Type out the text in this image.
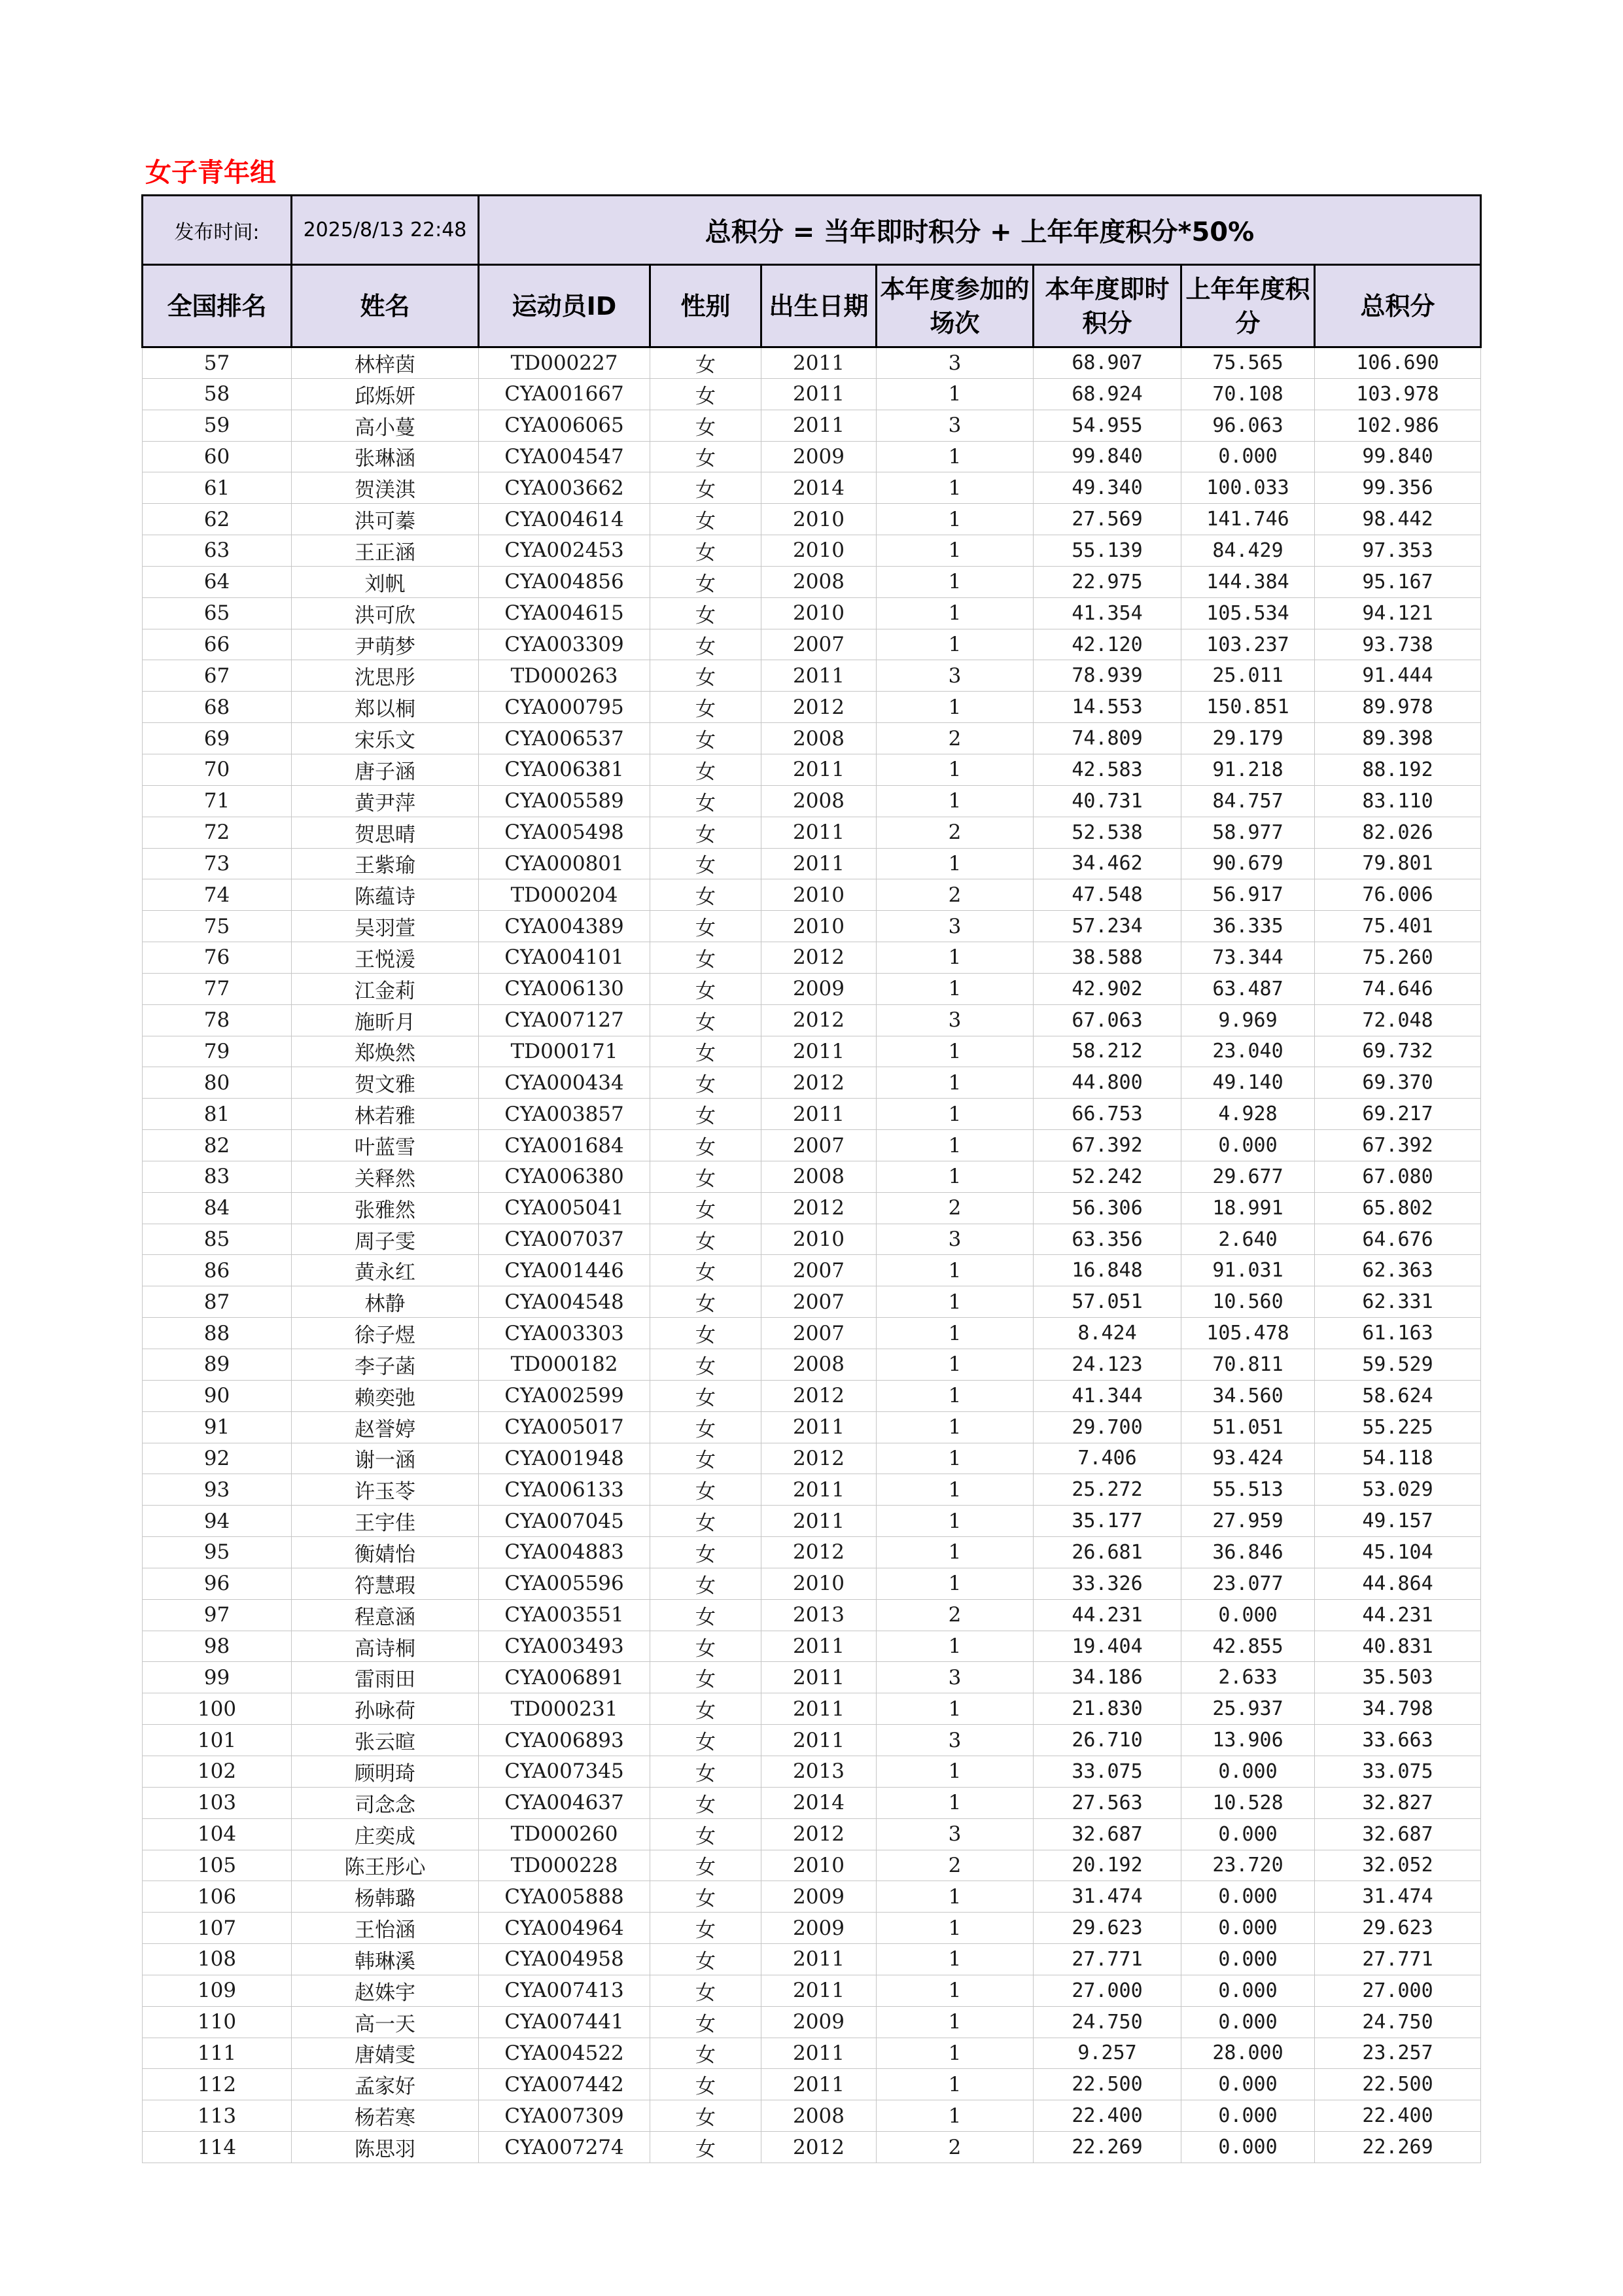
女子青年组
发布时间:	2025/8/13 22:48	总积分 = 当年即时积分 + 上年年度积分*50%						
全国排名	姓名	运动员ID	性别	出生日期	本年度参加的场次	本年度即时积分	上年年度积分	总积分
57	林梓茵	TD000227	女	2011	3	68.907	75.565	106.690
58	邱烁妍	CYA001667	女	2011	1	68.924	70.108	103.978
59	高小蔓	CYA006065	女	2011	3	54.955	96.063	102.986
60	张琳涵	CYA004547	女	2009	1	99.840	0.000	99.840
61	贺渼淇	CYA003662	女	2014	1	49.340	100.033	99.356
62	洪可蓁	CYA004614	女	2010	1	27.569	141.746	98.442
63	王正涵	CYA002453	女	2010	1	55.139	84.429	97.353
64	刘帆	CYA004856	女	2008	1	22.975	144.384	95.167
65	洪可欣	CYA004615	女	2010	1	41.354	105.534	94.121
66	尹萌梦	CYA003309	女	2007	1	42.120	103.237	93.738
67	沈思彤	TD000263	女	2011	3	78.939	25.011	91.444
68	郑以桐	CYA000795	女	2012	1	14.553	150.851	89.978
69	宋乐文	CYA006537	女	2008	2	74.809	29.179	89.398
70	唐子涵	CYA006381	女	2011	1	42.583	91.218	88.192
71	黄尹萍	CYA005589	女	2008	1	40.731	84.757	83.110
72	贺思晴	CYA005498	女	2011	2	52.538	58.977	82.026
73	王紫瑜	CYA000801	女	2011	1	34.462	90.679	79.801
74	陈蕴诗	TD000204	女	2010	2	47.548	56.917	76.006
75	吴羽萱	CYA004389	女	2010	3	57.234	36.335	75.401
76	王悦湲	CYA004101	女	2012	1	38.588	73.344	75.260
77	江金莉	CYA006130	女	2009	1	42.902	63.487	74.646
78	施昕月	CYA007127	女	2012	3	67.063	9.969	72.048
79	郑焕然	TD000171	女	2011	1	58.212	23.040	69.732
80	贺文雅	CYA000434	女	2012	1	44.800	49.140	69.370
81	林若雅	CYA003857	女	2011	1	66.753	4.928	69.217
82	叶蓝雪	CYA001684	女	2007	1	67.392	0.000	67.392
83	关释然	CYA006380	女	2008	1	52.242	29.677	67.080
84	张雅然	CYA005041	女	2012	2	56.306	18.991	65.802
85	周子雯	CYA007037	女	2010	3	63.356	2.640	64.676
86	黄永红	CYA001446	女	2007	1	16.848	91.031	62.363
87	林静	CYA004548	女	2007	1	57.051	10.560	62.331
88	徐子煜	CYA003303	女	2007	1	8.424	105.478	61.163
89	李子菡	TD000182	女	2008	1	24.123	70.811	59.529
90	赖奕弛	CYA002599	女	2012	1	41.344	34.560	58.624
91	赵誉婷	CYA005017	女	2011	1	29.700	51.051	55.225
92	谢一涵	CYA001948	女	2012	1	7.406	93.424	54.118
93	许玉苓	CYA006133	女	2011	1	25.272	55.513	53.029
94	王宇佳	CYA007045	女	2011	1	35.177	27.959	49.157
95	衡婧怡	CYA004883	女	2012	1	26.681	36.846	45.104
96	符慧瑕	CYA005596	女	2010	1	33.326	23.077	44.864
97	程意涵	CYA003551	女	2013	2	44.231	0.000	44.231
98	高诗桐	CYA003493	女	2011	1	19.404	42.855	40.831
99	雷雨田	CYA006891	女	2011	3	34.186	2.633	35.503
100	孙咏荷	TD000231	女	2011	1	21.830	25.937	34.798
101	张云暄	CYA006893	女	2011	3	26.710	13.906	33.663
102	顾明琦	CYA007345	女	2013	1	33.075	0.000	33.075
103	司念念	CYA004637	女	2014	1	27.563	10.528	32.827
104	庄奕成	TD000260	女	2012	3	32.687	0.000	32.687
105	陈王彤心	TD000228	女	2010	2	20.192	23.720	32.052
106	杨韩璐	CYA005888	女	2009	1	31.474	0.000	31.474
107	王怡涵	CYA004964	女	2009	1	29.623	0.000	29.623
108	韩琳溪	CYA004958	女	2011	1	27.771	0.000	27.771
109	赵姝宇	CYA007413	女	2011	1	27.000	0.000	27.000
110	高一天	CYA007441	女	2009	1	24.750	0.000	24.750
111	唐婧雯	CYA004522	女	2011	1	9.257	28.000	23.257
112	孟家好	CYA007442	女	2011	1	22.500	0.000	22.500
113	杨若寒	CYA007309	女	2008	1	22.400	0.000	22.400
114	陈思羽	CYA007274	女	2012	2	22.269	0.000	22.269
